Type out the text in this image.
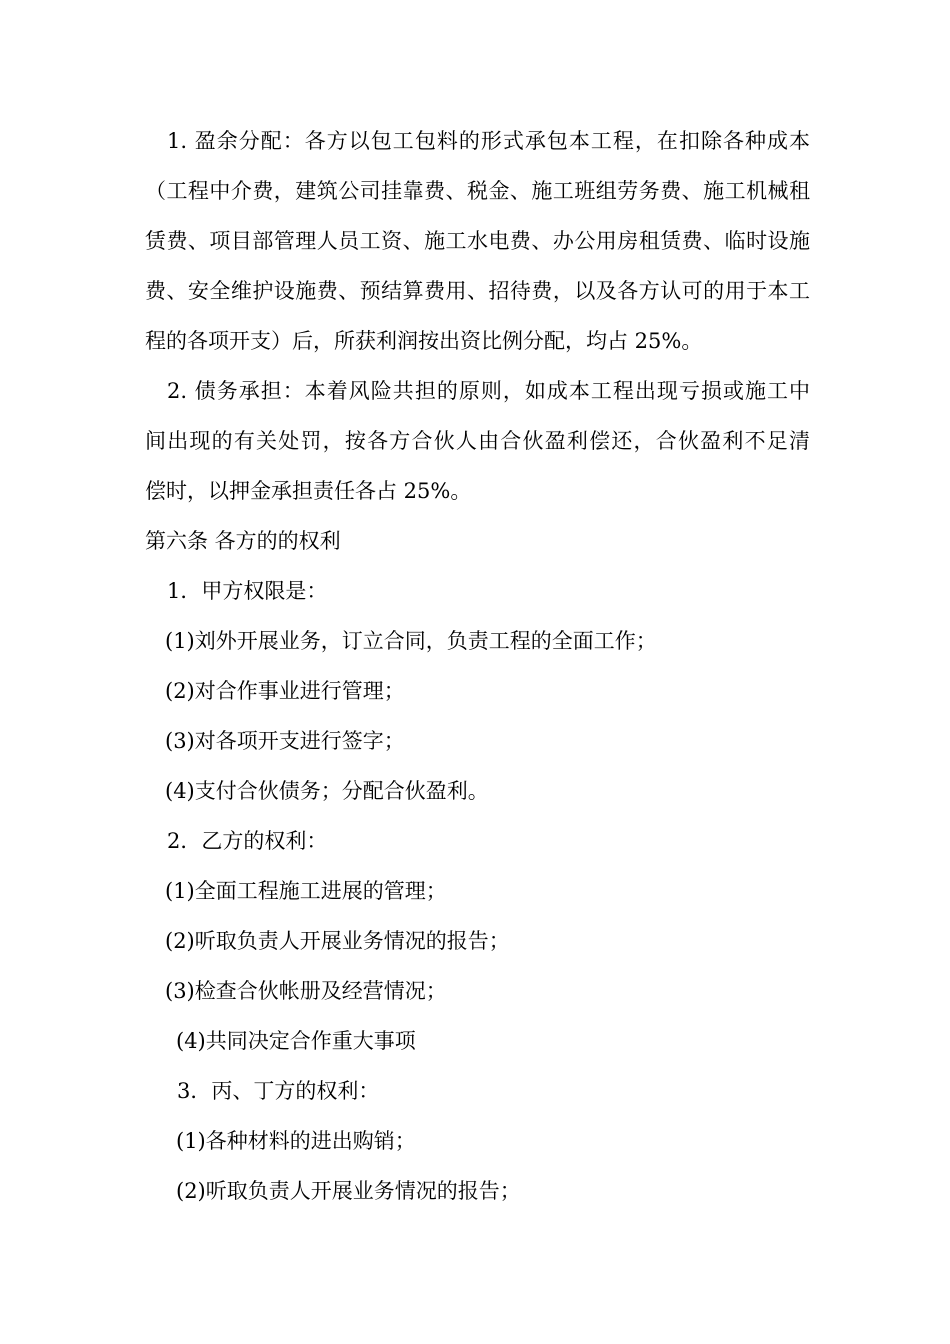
1. 盈余分配：各方以包工包料的形式承包本工程，在扣除各种成本
（工程中介费，建筑公司挂靠费、税金、施工班组劳务费、施工机械租
赁费、项目部管理人员工资、施工水电费、办公用房租赁费、临时设施
费、安全维护设施费、预结算费用、招待费，以及各方认可的用于本工
程的各项开支）后，所获利润按出资比例分配，均占 25%。
2. 债务承担：本着风险共担的原则，如成本工程出现亏损或施工中
间出现的有关处罚，按各方合伙人由合伙盈利偿还，合伙盈利不足清
偿时，以押金承担责任各占 25%。
第六条 各方的的权利
1．甲方权限是：
(1)刘外开展业务，订立合同，负责工程的全面工作；
(2)对合作事业进行管理；
(3)对各项开支进行签字；
(4)支付合伙债务；分配合伙盈利。
2．乙方的权利：
(1)全面工程施工进展的管理；
(2)听取负责人开展业务情况的报告；
(3)检查合伙帐册及经营情况；
(4)共同决定合作重大事项
3．丙、丁方的权利：
(1)各种材料的进出购销；
(2)听取负责人开展业务情况的报告；
